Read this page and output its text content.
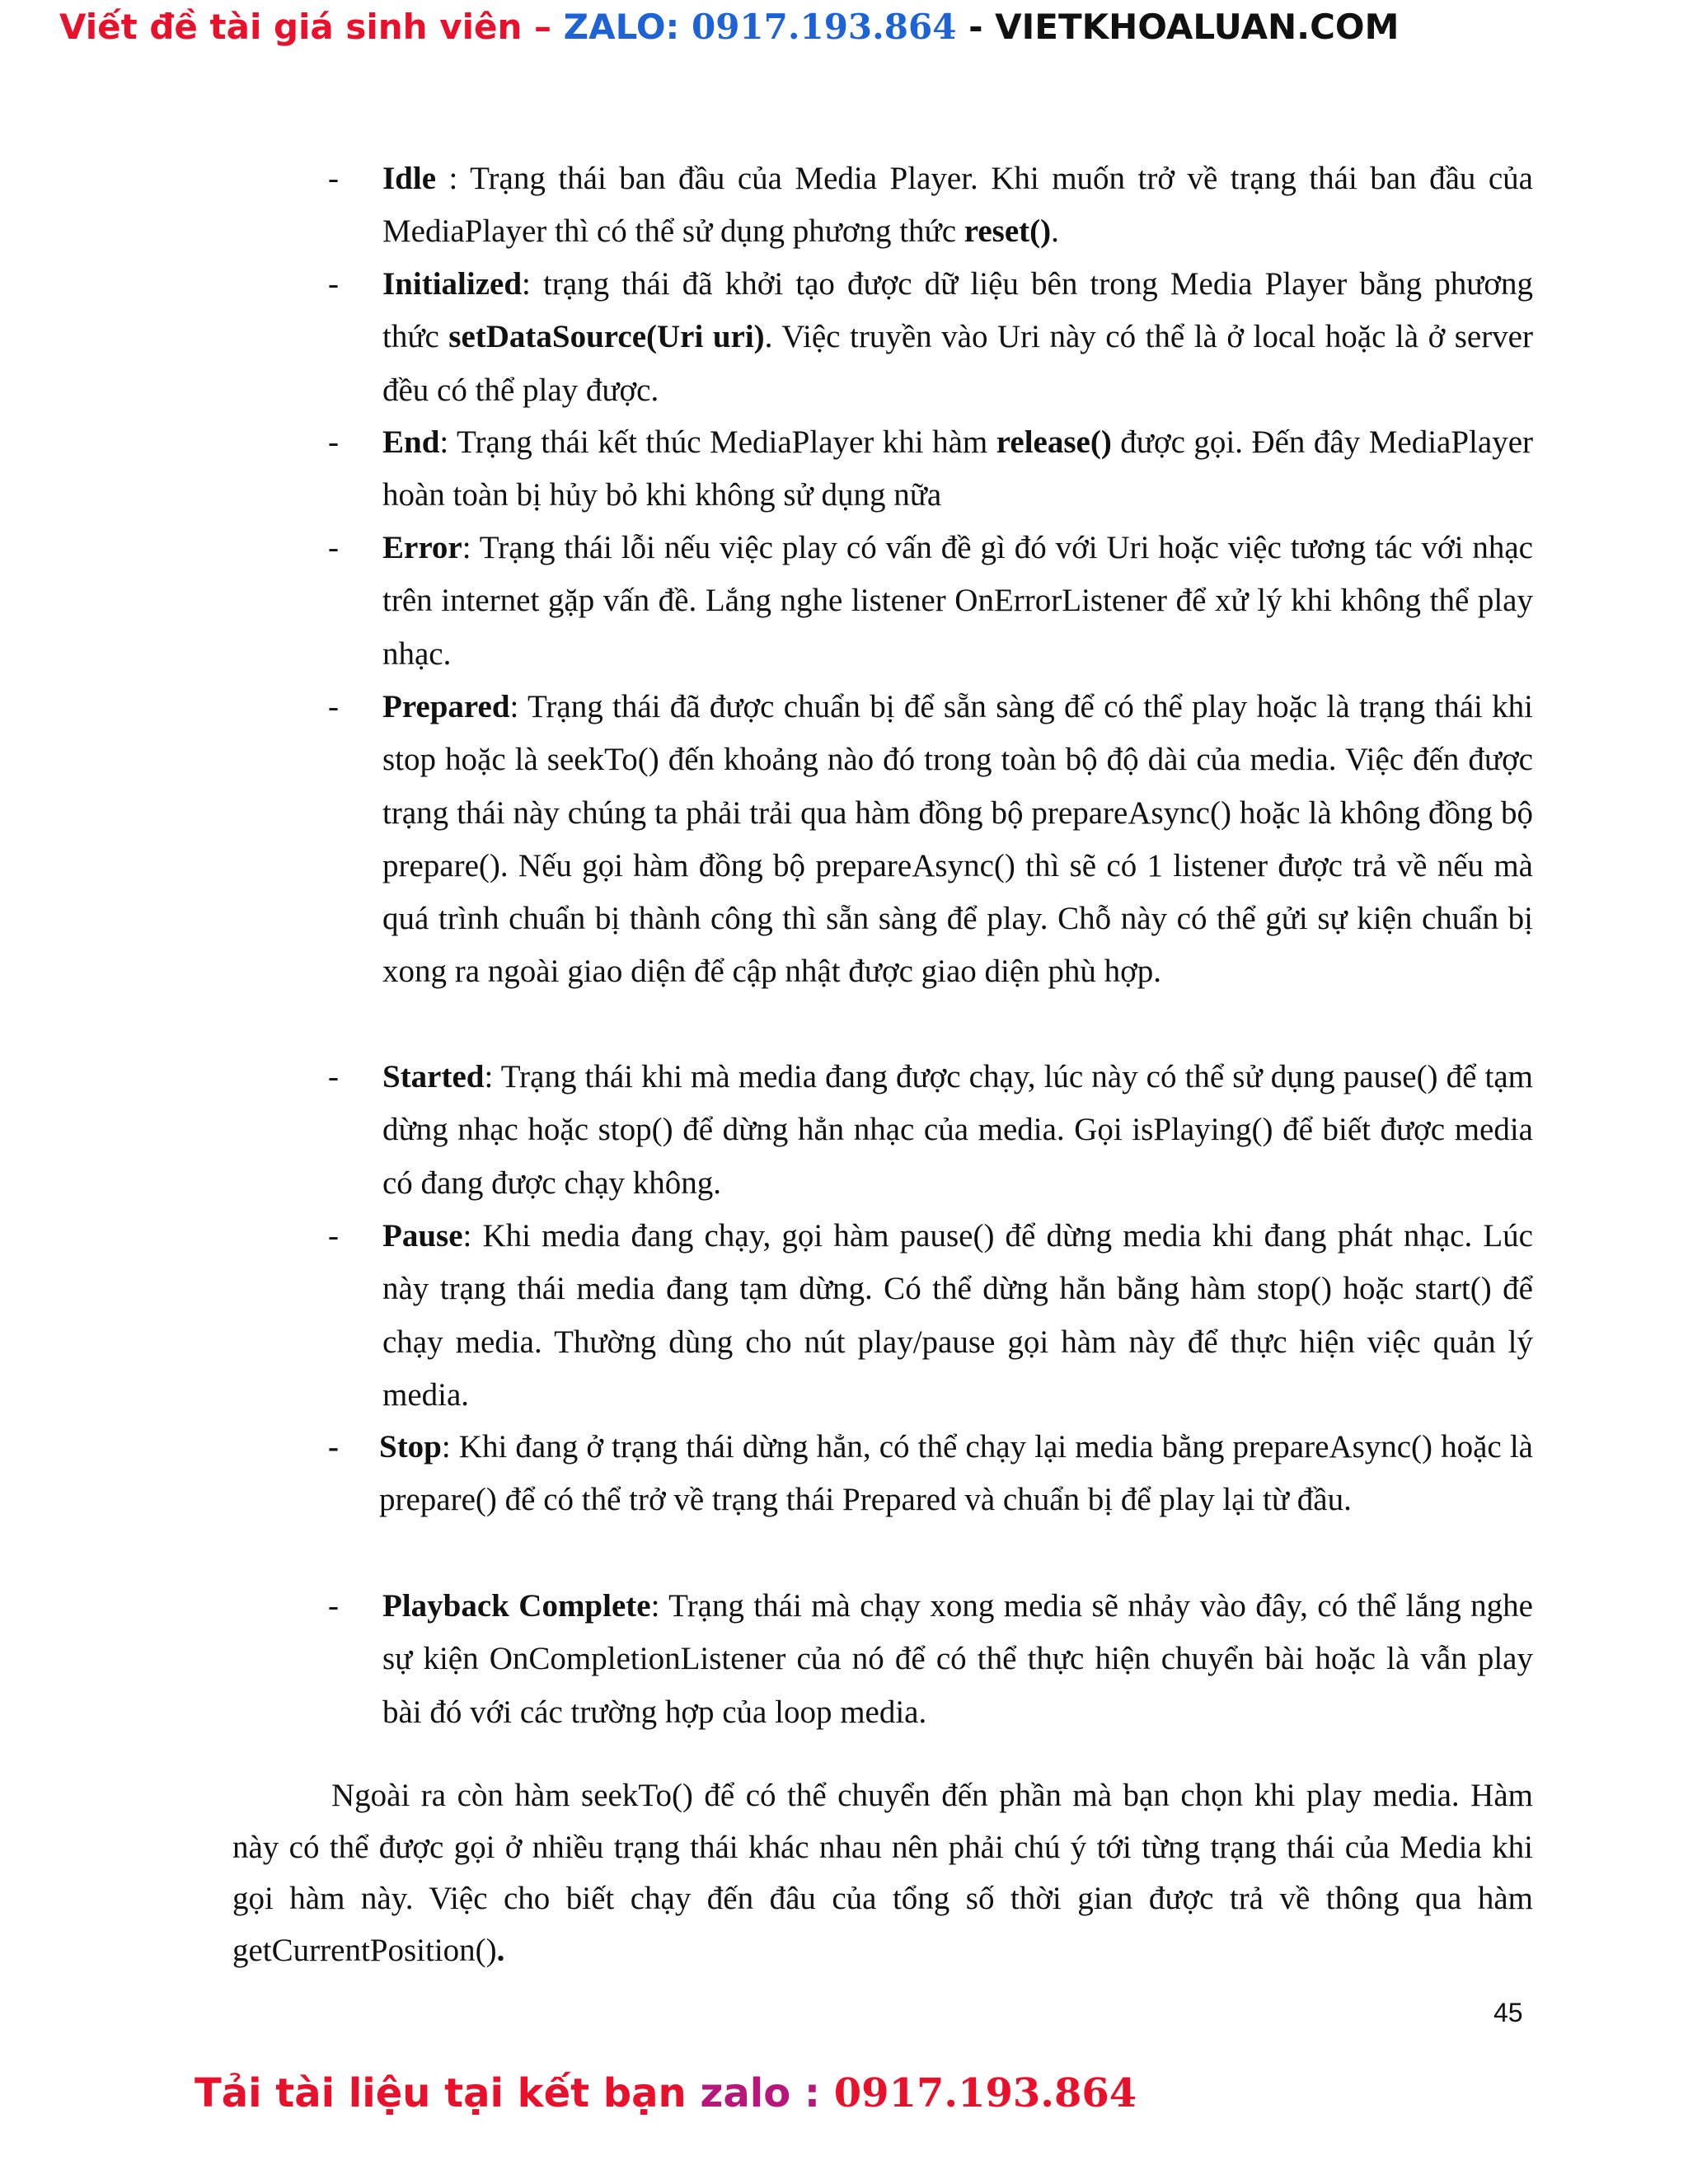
Viết đề tài giá sinh viên – ZALO: 0917.193.864 - VIETKHOALUAN.COM
- Idle : Trạng thái ban đầu của Media Player. Khi muốn trở về trạng thái ban đầu của MediaPlayer thì có thể sử dụng phương thức reset().
- Initialized: trạng thái đã khởi tạo được dữ liệu bên trong Media Player bằng phương thức setDataSource(Uri uri). Việc truyền vào Uri này có thể là ở local hoặc là ở server đều có thể play được.
- End: Trạng thái kết thúc MediaPlayer khi hàm release() được gọi. Đến đây MediaPlayer hoàn toàn bị hủy bỏ khi không sử dụng nữa
- Error: Trạng thái lỗi nếu việc play có vấn đề gì đó với Uri hoặc việc tương tác với nhạc trên internet gặp vấn đề. Lắng nghe listener OnErrorListener để xử lý khi không thể play nhạc.
- Prepared: Trạng thái đã được chuẩn bị để sẵn sàng để có thể play hoặc là trạng thái khi stop hoặc là seekTo() đến khoảng nào đó trong toàn bộ độ dài của media. Việc đến được trạng thái này chúng ta phải trải qua hàm đồng bộ prepareAsync() hoặc là không đồng bộ prepare(). Nếu gọi hàm đồng bộ prepareAsync() thì sẽ có 1 listener được trả về nếu mà quá trình chuẩn bị thành công thì sẵn sàng để play. Chỗ này có thể gửi sự kiện chuẩn bị xong ra ngoài giao diện để cập nhật được giao diện phù hợp.
- Started: Trạng thái khi mà media đang được chạy, lúc này có thể sử dụng pause() để tạm dừng nhạc hoặc stop() để dừng hẳn nhạc của media. Gọi isPlaying() để biết được media có đang được chạy không.
- Pause: Khi media đang chạy, gọi hàm pause() để dừng media khi đang phát nhạc. Lúc này trạng thái media đang tạm dừng. Có thể dừng hẳn bằng hàm stop() hoặc start() để chạy media. Thường dùng cho nút play/pause gọi hàm này để thực hiện việc quản lý media.
- Stop: Khi đang ở trạng thái dừng hẳn, có thể chạy lại media bằng prepareAsync() hoặc là prepare() để có thể trở về trạng thái Prepared và chuẩn bị để play lại từ đầu.
- Playback Complete: Trạng thái mà chạy xong media sẽ nhảy vào đây, có thể lắng nghe sự kiện OnCompletionListener của nó để có thể thực hiện chuyển bài hoặc là vẫn play bài đó với các trường hợp của loop media.
Ngoài ra còn hàm seekTo() để có thể chuyển đến phần mà bạn chọn khi play media. Hàm này có thể được gọi ở nhiều trạng thái khác nhau nên phải chú ý tới từng trạng thái của Media khi gọi hàm này. Việc cho biết chạy đến đâu của tổng số thời gian được trả về thông qua hàm getCurrentPosition().
45
Tải tài liệu tại kết bạn zalo : 0917.193.864
